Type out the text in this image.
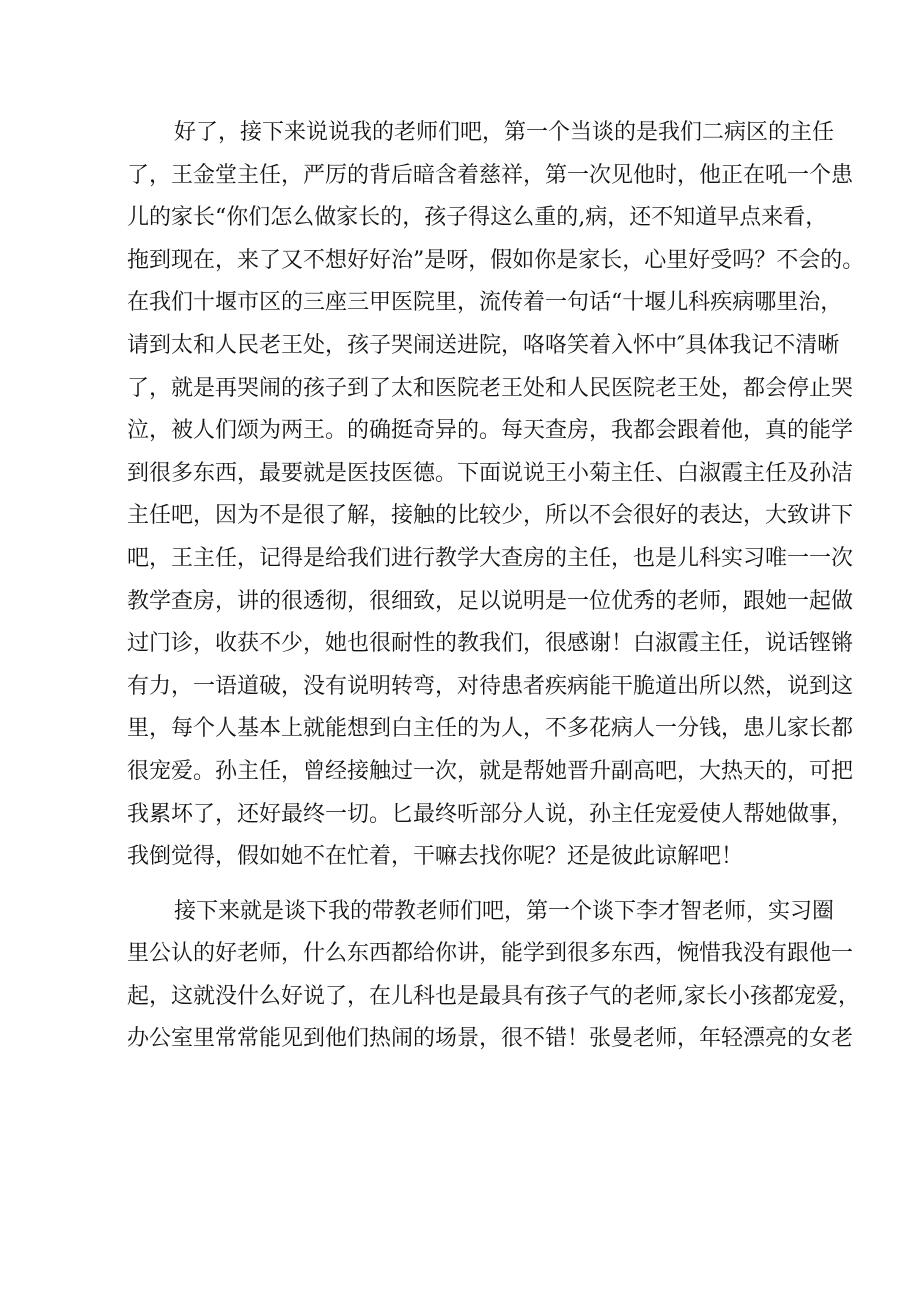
好了，接下来说说我的老师们吧，第一个当谈的是我们二病区的主任
了，王金堂主任，严厉的背后暗含着慈祥，第一次见他时，他正在吼一个患
儿的家长“你们怎么做家长的，孩子得这么重的,病，还不知道早点来看，
拖到现在，来了又不想好好治”是呀，假如你是家长，心里好受吗？不会的。
在我们十堰市区的三座三甲医院里，流传着一句话“十堰儿科疾病哪里治，
请到太和人民老王处，孩子哭闹送进院，咯咯笑着入怀中″具体我记不清晰
了，就是再哭闹的孩子到了太和医院老王处和人民医院老王处，都会停止哭
泣，被人们颂为两王。的确挺奇异的。每天查房，我都会跟着他，真的能学
到很多东西，最要就是医技医德。下面说说王小菊主任、白淑霞主任及孙洁
主任吧，因为不是很了解，接触的比较少，所以不会很好的表达，大致讲下
吧，王主任，记得是给我们进行教学大查房的主任，也是儿科实习唯一一次
教学查房，讲的很透彻，很细致，足以说明是一位优秀的老师，跟她一起做
过门诊，收获不少，她也很耐性的教我们，很感谢！白淑霞主任，说话铿锵
有力，一语道破，没有说明转弯，对待患者疾病能干脆道出所以然，说到这
里，每个人基本上就能想到白主任的为人，不多花病人一分钱，患儿家长都
很宠爱。孙主任，曾经接触过一次，就是帮她晋升副高吧，大热天的，可把
我累坏了，还好最终一切。匕最终听部分人说，孙主任宠爱使人帮她做事，
我倒觉得，假如她不在忙着，干嘛去找你呢？还是彼此谅解吧！
接下来就是谈下我的带教老师们吧，第一个谈下李才智老师，实习圈
里公认的好老师，什么东西都给你讲，能学到很多东西，惋惜我没有跟他一
起，这就没什么好说了，在儿科也是最具有孩子气的老师,家长小孩都宠爱，
办公室里常常能见到他们热闹的场景，很不错！张曼老师，年轻漂亮的女老
